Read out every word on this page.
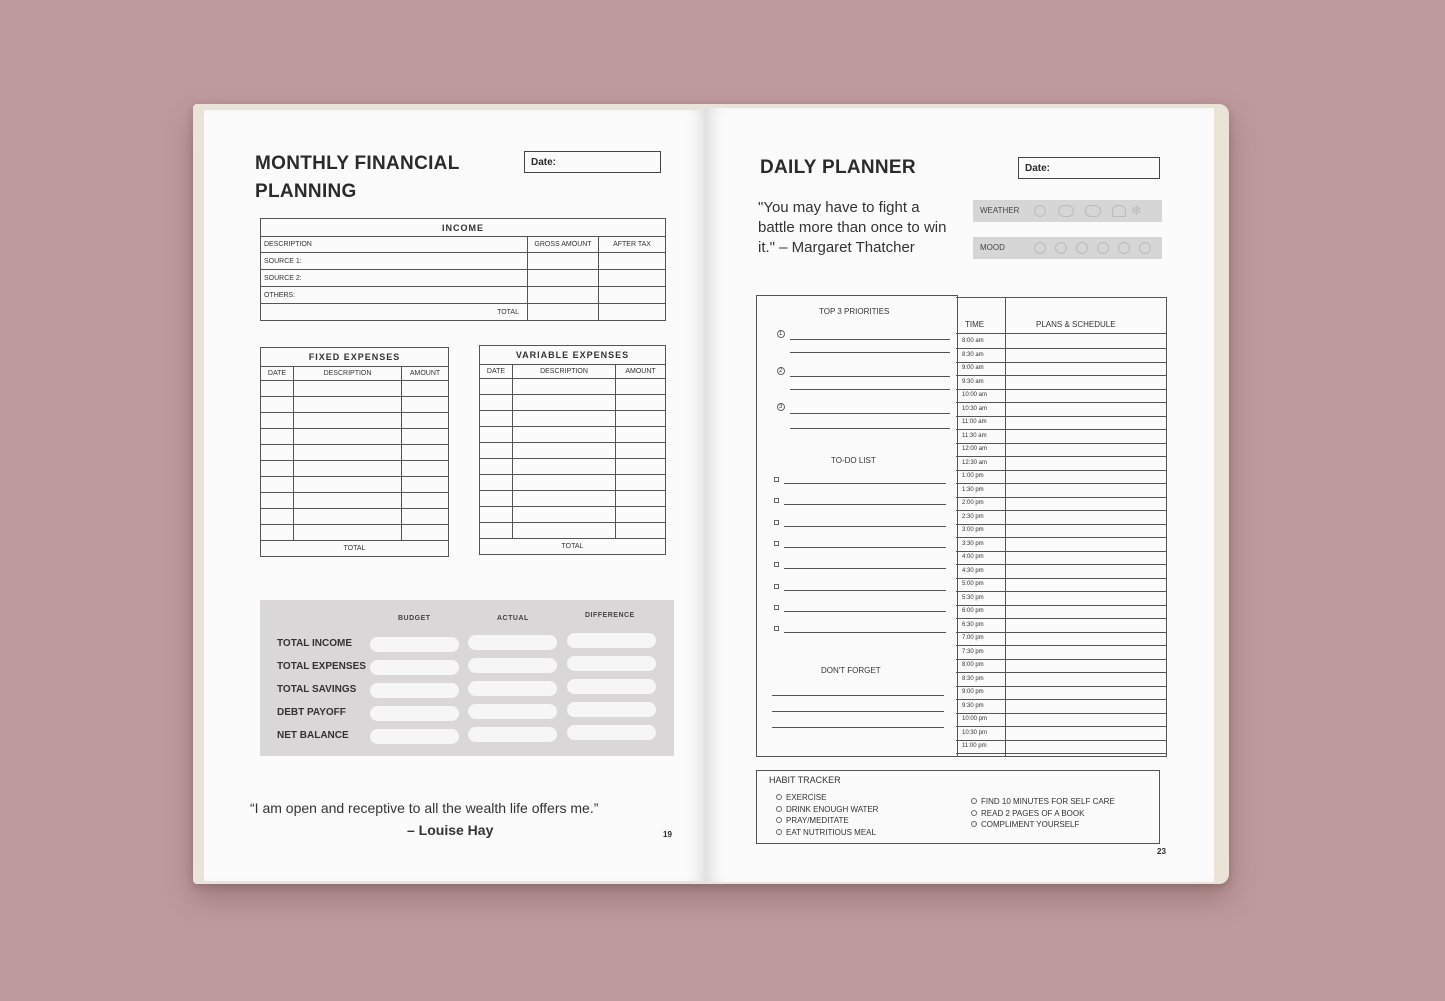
MONTHLY FINANCIAL
PLANNING
Date:
INCOME		
DESCRIPTION	GROSS AMOUNT	AFTER TAX
SOURCE 1:		
SOURCE 2:		
OTHERS:		
TOTAL		
FIXED EXPENSES		
DATE	DESCRIPTION	AMOUNT

TOTAL		
VARIABLE EXPENSES		
DATE	DESCRIPTION	AMOUNT

TOTAL		
BUDGET	ACTUAL	DIFFERENCE
TOTAL INCOME
TOTAL EXPENSES
TOTAL SAVINGS
DEBT PAYOFF
NET BALANCE
“I am open and receptive to all the wealth life offers me.”
– Louise Hay	19
DAILY PLANNER	Date:
"You may have to fight a battle more than once to win it." – Margaret Thatcher
WEATHER	❄
MOOD
TOP 3 PRIORITIES
1
2
3
TO-DO LIST
DON'T FORGET
TIME	PLANS & SCHEDULE
8:00 am
8:30 am
9:00 am
9:30 am
10:00 am
10:30 am
11:00 am
11:30 am
12:00 am
12:30 am
1:00 pm
1:30 pm
2:00 pm
2:30 pm
3:00 pm
3:30 pm
4:00 pm
4:30 pm
5:00 pm
5:30 pm
6:00 pm
6:30 pm
7:00 pm
7:30 pm
8:00 pm
8:30 pm
9:00 pm
9:30 pm
10:00 pm
10:30 pm
11:00 pm
HABIT TRACKER
EXERCISE
DRINK ENOUGH WATER
PRAY/MEDITATE
EAT NUTRITIOUS MEAL
FIND 10 MINUTES FOR SELF CARE
READ 2 PAGES OF A BOOK
COMPLIMENT YOURSELF
23
